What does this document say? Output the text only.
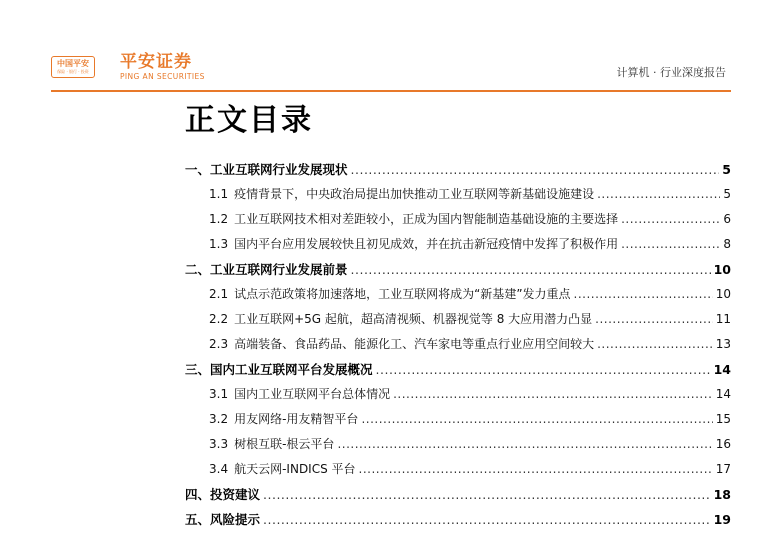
中国平安
保险 · 银行 · 投资	平安证券
PING AN SECURITIES	计算机 · 行业深度报告
正文目录
一、 工业互联网行业发展现状 .....	5
1.1 疫情背景下，中央政治局提出加快推动工业互联网等新基础设施建设 .....	5
1.2 工业互联网技术相对差距较小，正成为国内智能制造基础设施的主要选择 .....	6
1.3 国内平台应用发展较快且初见成效，并在抗击新冠疫情中发挥了积极作用 .....	8
二、 工业互联网行业发展前景 .....	10
2.1 试点示范政策将加速落地，工业互联网将成为“新基建”发力重点 .....	10
2.2 工业互联网+5G 起航，超高清视频、机器视觉等 8 大应用潜力凸显 .....	11
2.3 高端装备、食品药品、能源化工、汽车家电等重点行业应用空间较大 .....	13
三、 国内工业互联网平台发展概况 .....	14
3.1 国内工业互联网平台总体情况 .....	14
3.2 用友网络-用友精智平台 .....	15
3.3 树根互联-根云平台 .....	16
3.4 航天云网-INDICS 平台 .....	17
四、 投资建议 .....	18
五、 风险提示 .....	19
